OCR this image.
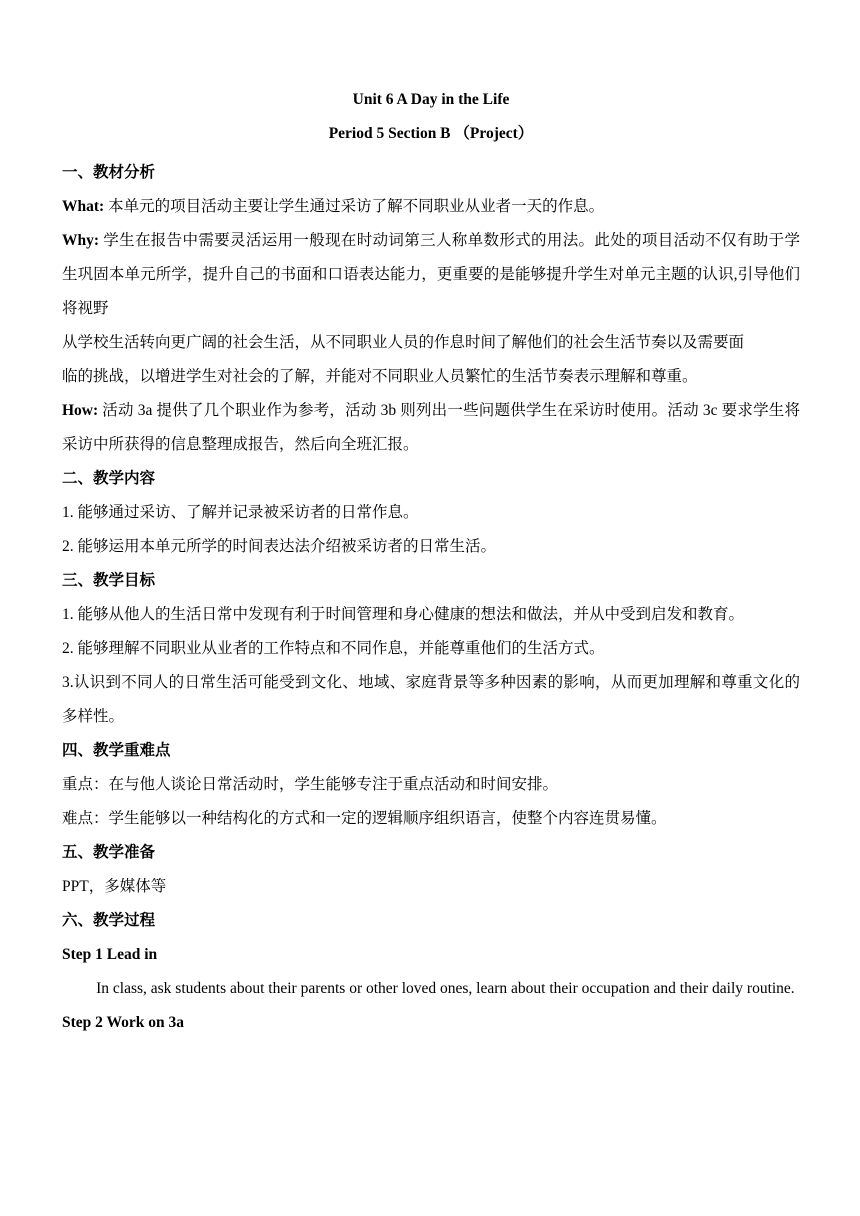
Unit 6 A Day in the Life
Period 5 Section B （Project）
一、教材分析
What: 本单元的项目活动主要让学生通过采访了解不同职业从业者一天的作息。
Why: 学生在报告中需要灵活运用一般现在时动词第三人称单数形式的用法。此处的项目活动不仅有助于学生巩固本单元所学，提升自己的书面和口语表达能力，更重要的是能够提升学生对单元主题的认识,引导他们将视野
从学校生活转向更广阔的社会生活，从不同职业人员的作息时间了解他们的社会生活节奏以及需要面
临的挑战，以增进学生对社会的了解，并能对不同职业人员繁忙的生活节奏表示理解和尊重。
How: 活动 3a 提供了几个职业作为参考，活动 3b 则列出一些问题供学生在采访时使用。活动 3c 要求学生将采访中所获得的信息整理成报告，然后向全班汇报。
二、教学内容
1. 能够通过采访、了解并记录被采访者的日常作息。
2. 能够运用本单元所学的时间表达法介绍被采访者的日常生活。
三、教学目标
1. 能够从他人的生活日常中发现有利于时间管理和身心健康的想法和做法，并从中受到启发和教育。
2. 能够理解不同职业从业者的工作特点和不同作息，并能尊重他们的生活方式。
3.认识到不同人的日常生活可能受到文化、地域、家庭背景等多种因素的影响，从而更加理解和尊重文化的多样性。
四、教学重难点
重点：在与他人谈论日常活动时，学生能够专注于重点活动和时间安排。
难点：学生能够以一种结构化的方式和一定的逻辑顺序组织语言，使整个内容连贯易懂。
五、教学准备
PPT，多媒体等
六、教学过程
Step 1 Lead in
In class, ask students about their parents or other loved ones, learn about their occupation and their daily routine.
Step 2 Work on 3a
